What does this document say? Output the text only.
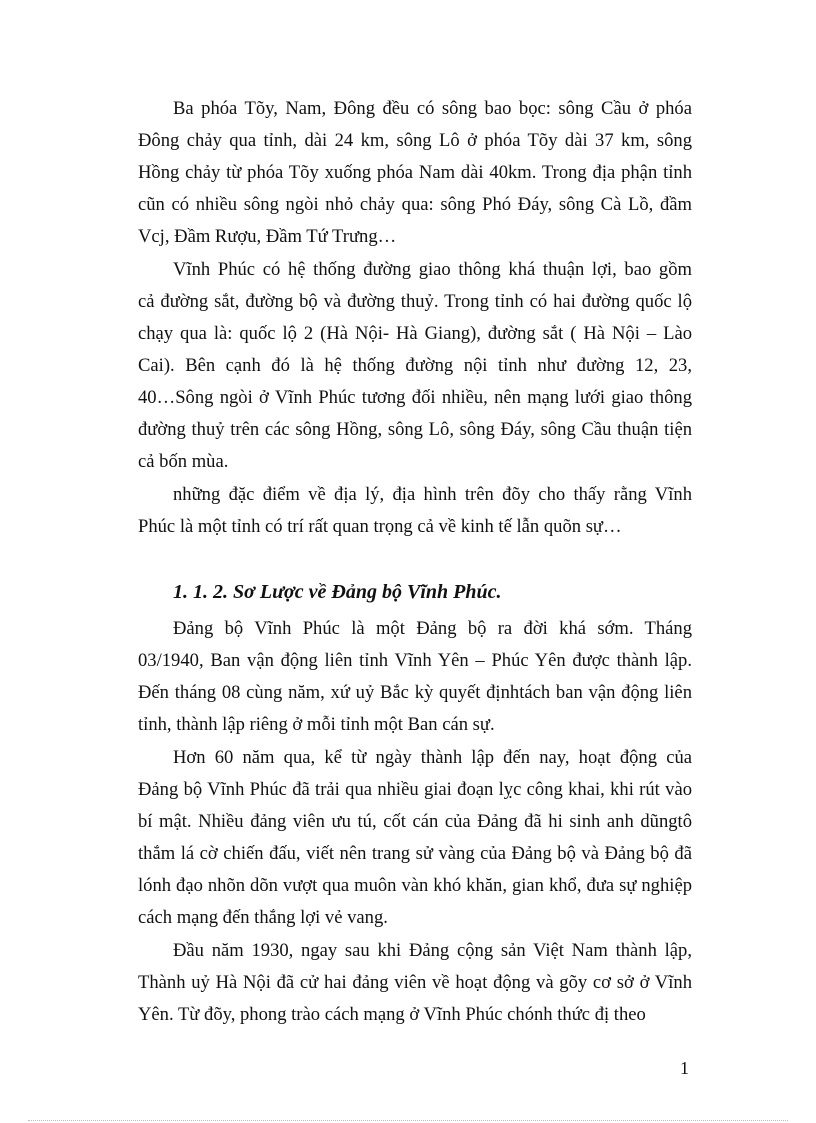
Ba phóa Tõy, Nam, Đông đều có sông bao bọc: sông Cầu ở phóa
Đông chảy qua tỉnh, dài 24 km, sông Lô ở phóa Tõy dài 37 km, sông
Hồng chảy từ phóa Tõy xuống phóa Nam dài 40km. Trong địa phận tỉnh
cũn có nhiều sông ngòi nhỏ chảy qua: sông Phó Đáy, sông Cà Lồ, đầm
Vcj, Đầm Rượu, Đầm Tứ Trưng…
Vĩnh Phúc có hệ thống đường giao thông khá thuận lợi, bao gồm
cả đường sắt, đường bộ và đường thuỷ. Trong tỉnh có hai đường quốc lộ
chạy qua là: quốc lộ 2 (Hà Nội- Hà Giang), đường sắt ( Hà Nội – Lào
Cai). Bên cạnh đó là hệ thống đường nội tỉnh như đường 12, 23,
40…Sông ngòi ở Vĩnh Phúc tương đối nhiều, nên mạng lưới giao thông
đường thuỷ trên các sông Hồng, sông Lô, sông Đáy, sông Cầu thuận tiện
cả bốn mùa.
những đặc điểm về địa lý, địa hình trên đõy cho thấy rằng Vĩnh
Phúc là một tỉnh có trí rất quan trọng cả về kinh tế lẫn quõn sự…
1. 1. 2. Sơ Lược về Đảng bộ Vĩnh Phúc.
Đảng bộ Vĩnh Phúc là một Đảng bộ ra đời khá sớm. Tháng
03/1940, Ban vận động liên tỉnh Vĩnh Yên – Phúc Yên được thành lập.
Đến tháng 08 cùng năm, xứ uỷ Bắc kỳ quyết địnhtách ban vận động liên
tỉnh, thành lập riêng ở mỗi tỉnh một Ban cán sự.
Hơn 60 năm qua, kể từ ngày thành lập đến nay, hoạt động của
Đảng bộ Vĩnh Phúc đã trải qua nhiều giai đoạn lỵc công khai, khi rút vào
bí mật. Nhiều đảng viên ưu tú, cốt cán của Đảng đã hi sinh anh dũngtô
thắm lá cờ chiến đấu, viết nên trang sử vàng của Đảng bộ và Đảng bộ đã
lónh đạo nhõn dõn vượt qua muôn vàn khó khăn, gian khổ, đưa sự nghiệp
cách mạng đến thắng lợi vẻ vang.
Đầu năm 1930, ngay sau khi Đảng cộng sản Việt Nam thành lập,
Thành uỷ Hà Nội đã cử hai đảng viên về hoạt động và gõy cơ sở ở Vĩnh
Yên. Từ đõy, phong trào cách mạng ở Vĩnh Phúc chónh thức đị theo
1
